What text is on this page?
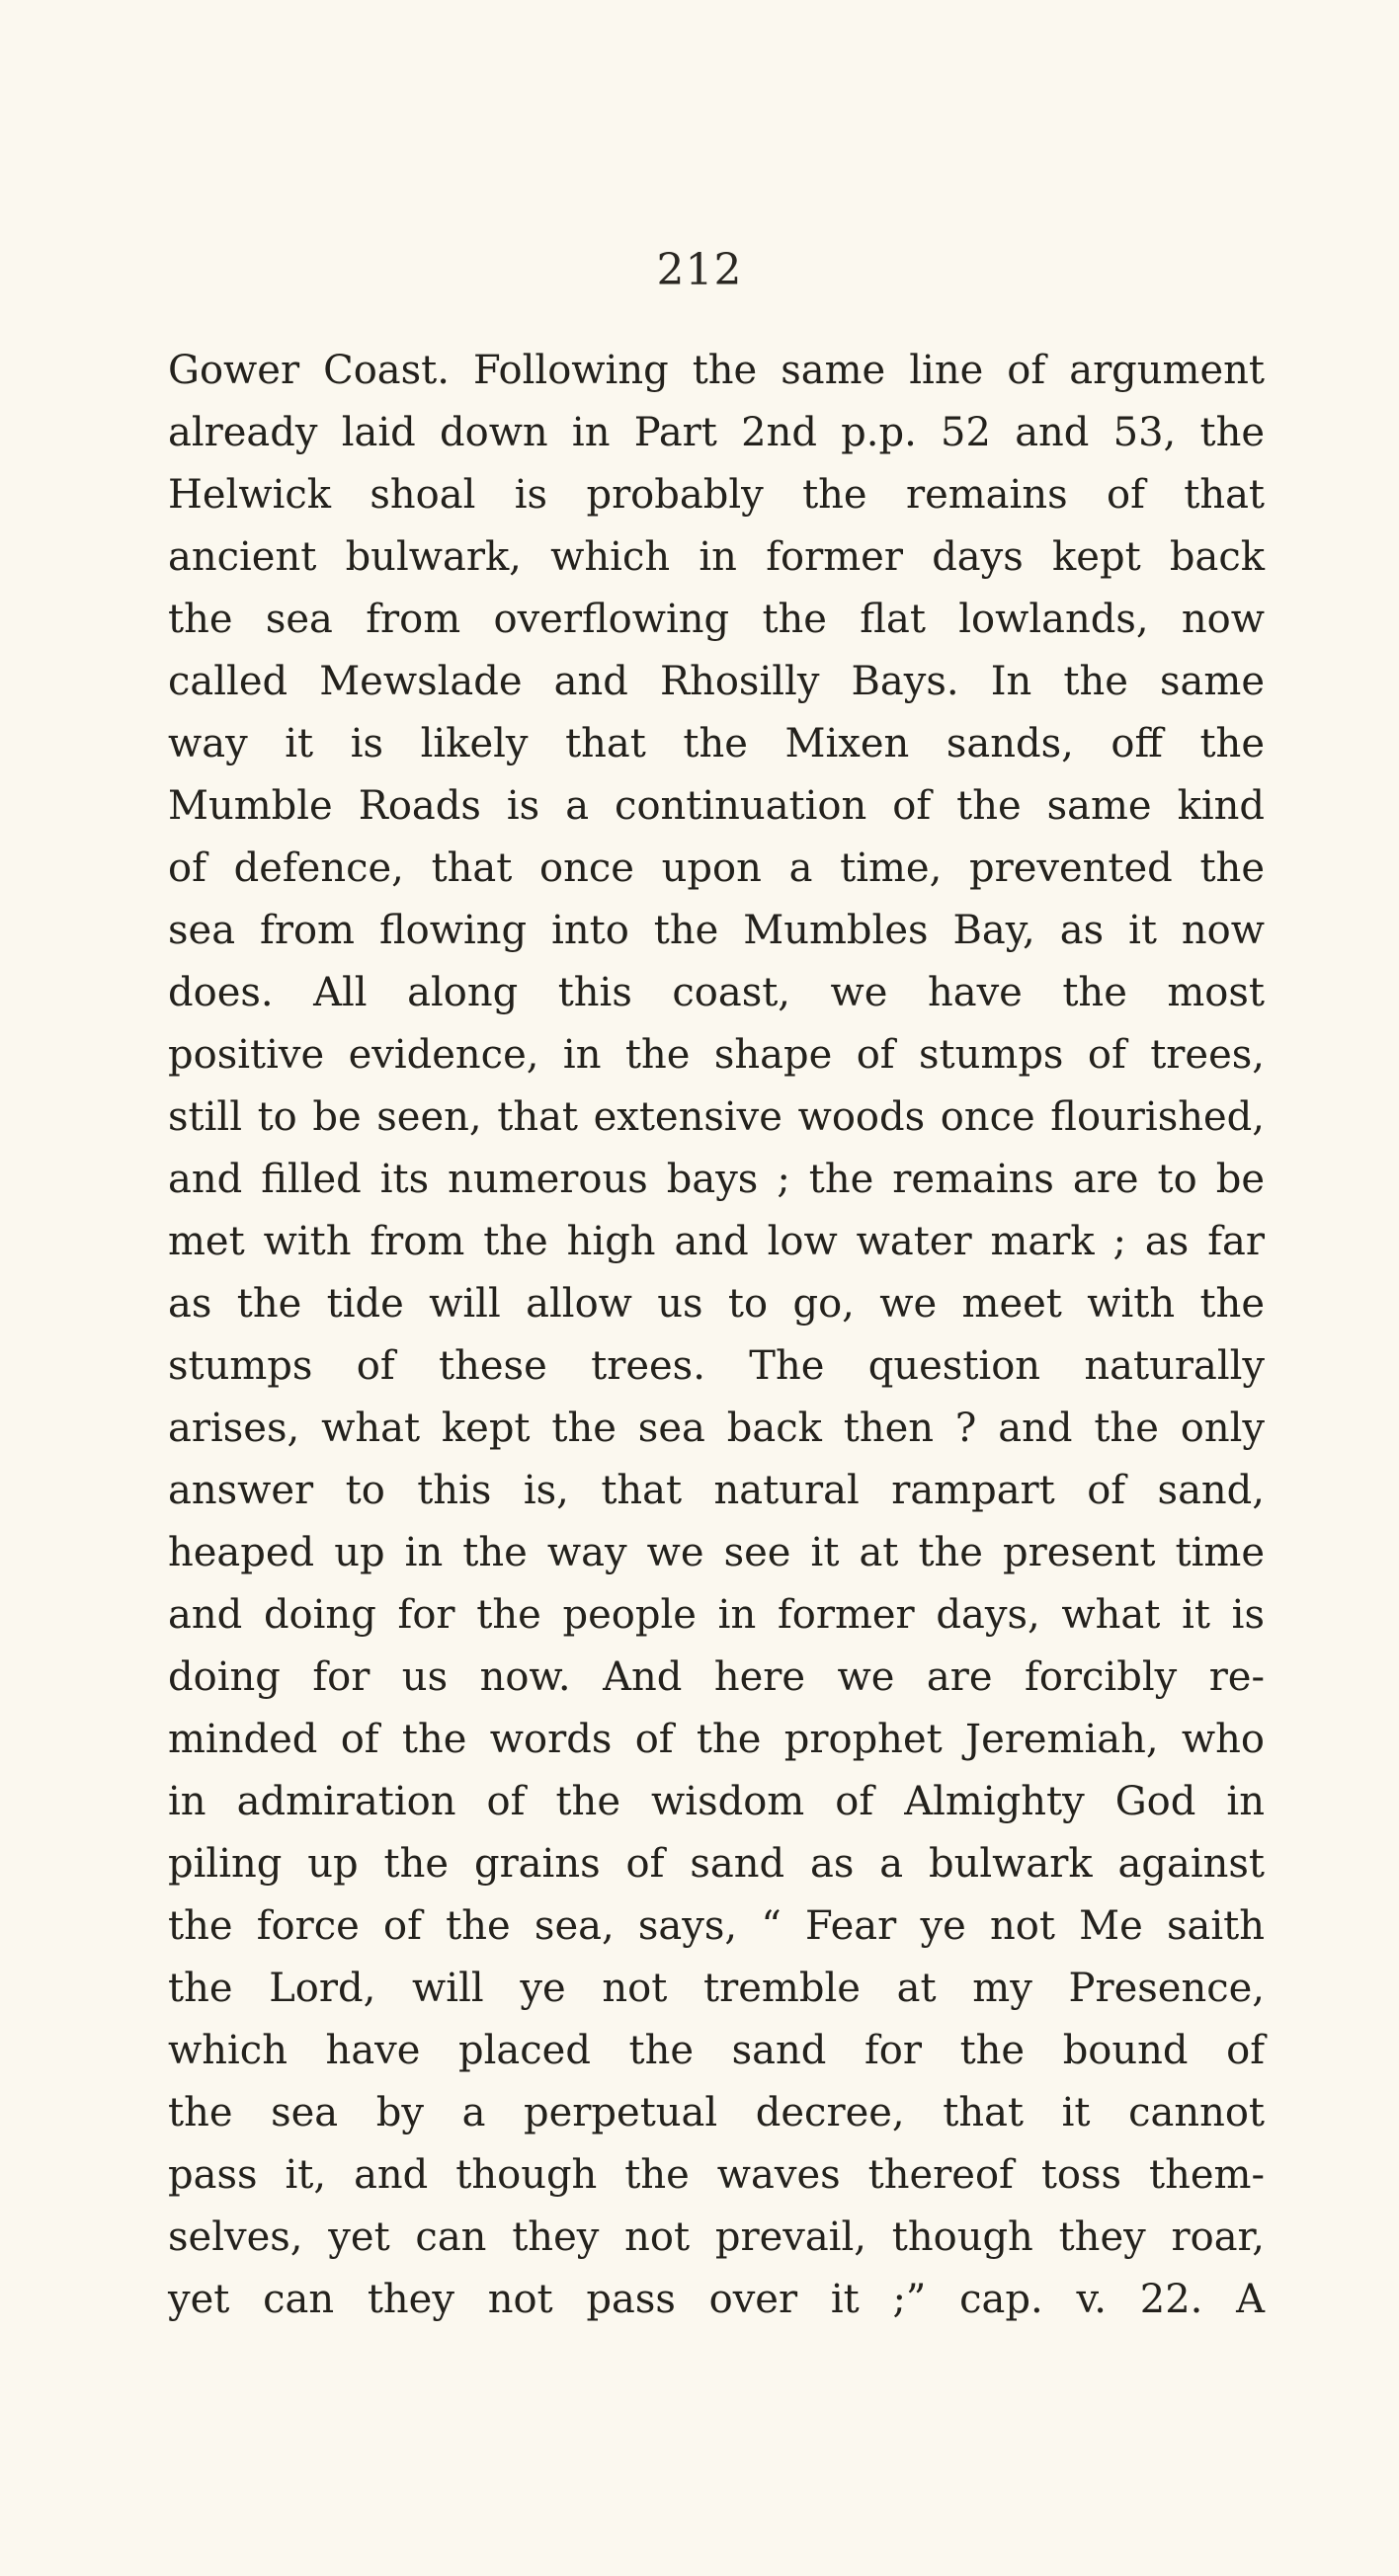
212
Gower Coast. Following the same line of argument
already laid down in Part 2nd p.p. 52 and 53, the
Helwick shoal is probably the remains of that
ancient bulwark, which in former days kept back
the sea from overflowing the flat lowlands, now
called Mewslade and Rhosilly Bays. In the same
way it is likely that the Mixen sands, off the
Mumble Roads is a continuation of the same kind
of defence, that once upon a time, prevented the
sea from flowing into the Mumbles Bay, as it now
does. All along this coast, we have the most
positive evidence, in the shape of stumps of trees,
still to be seen, that extensive woods once flourished,
and filled its numerous bays ; the remains are to be
met with from the high and low water mark ; as far
as the tide will allow us to go, we meet with the
stumps of these trees. The question naturally
arises, what kept the sea back then ? and the only
answer to this is, that natural rampart of sand,
heaped up in the way we see it at the present time
and doing for the people in former days, what it is
doing for us now. And here we are forcibly re-
minded of the words of the prophet Jeremiah, who
in admiration of the wisdom of Almighty God in
piling up the grains of sand as a bulwark against
the force of the sea, says, “ Fear ye not Me saith
the Lord, will ye not tremble at my Presence,
which have placed the sand for the bound of
the sea by a perpetual decree, that it cannot
pass it, and though the waves thereof toss them-
selves, yet can they not prevail, though they roar,
yet can they not pass over it ;” cap. v. 22. A
